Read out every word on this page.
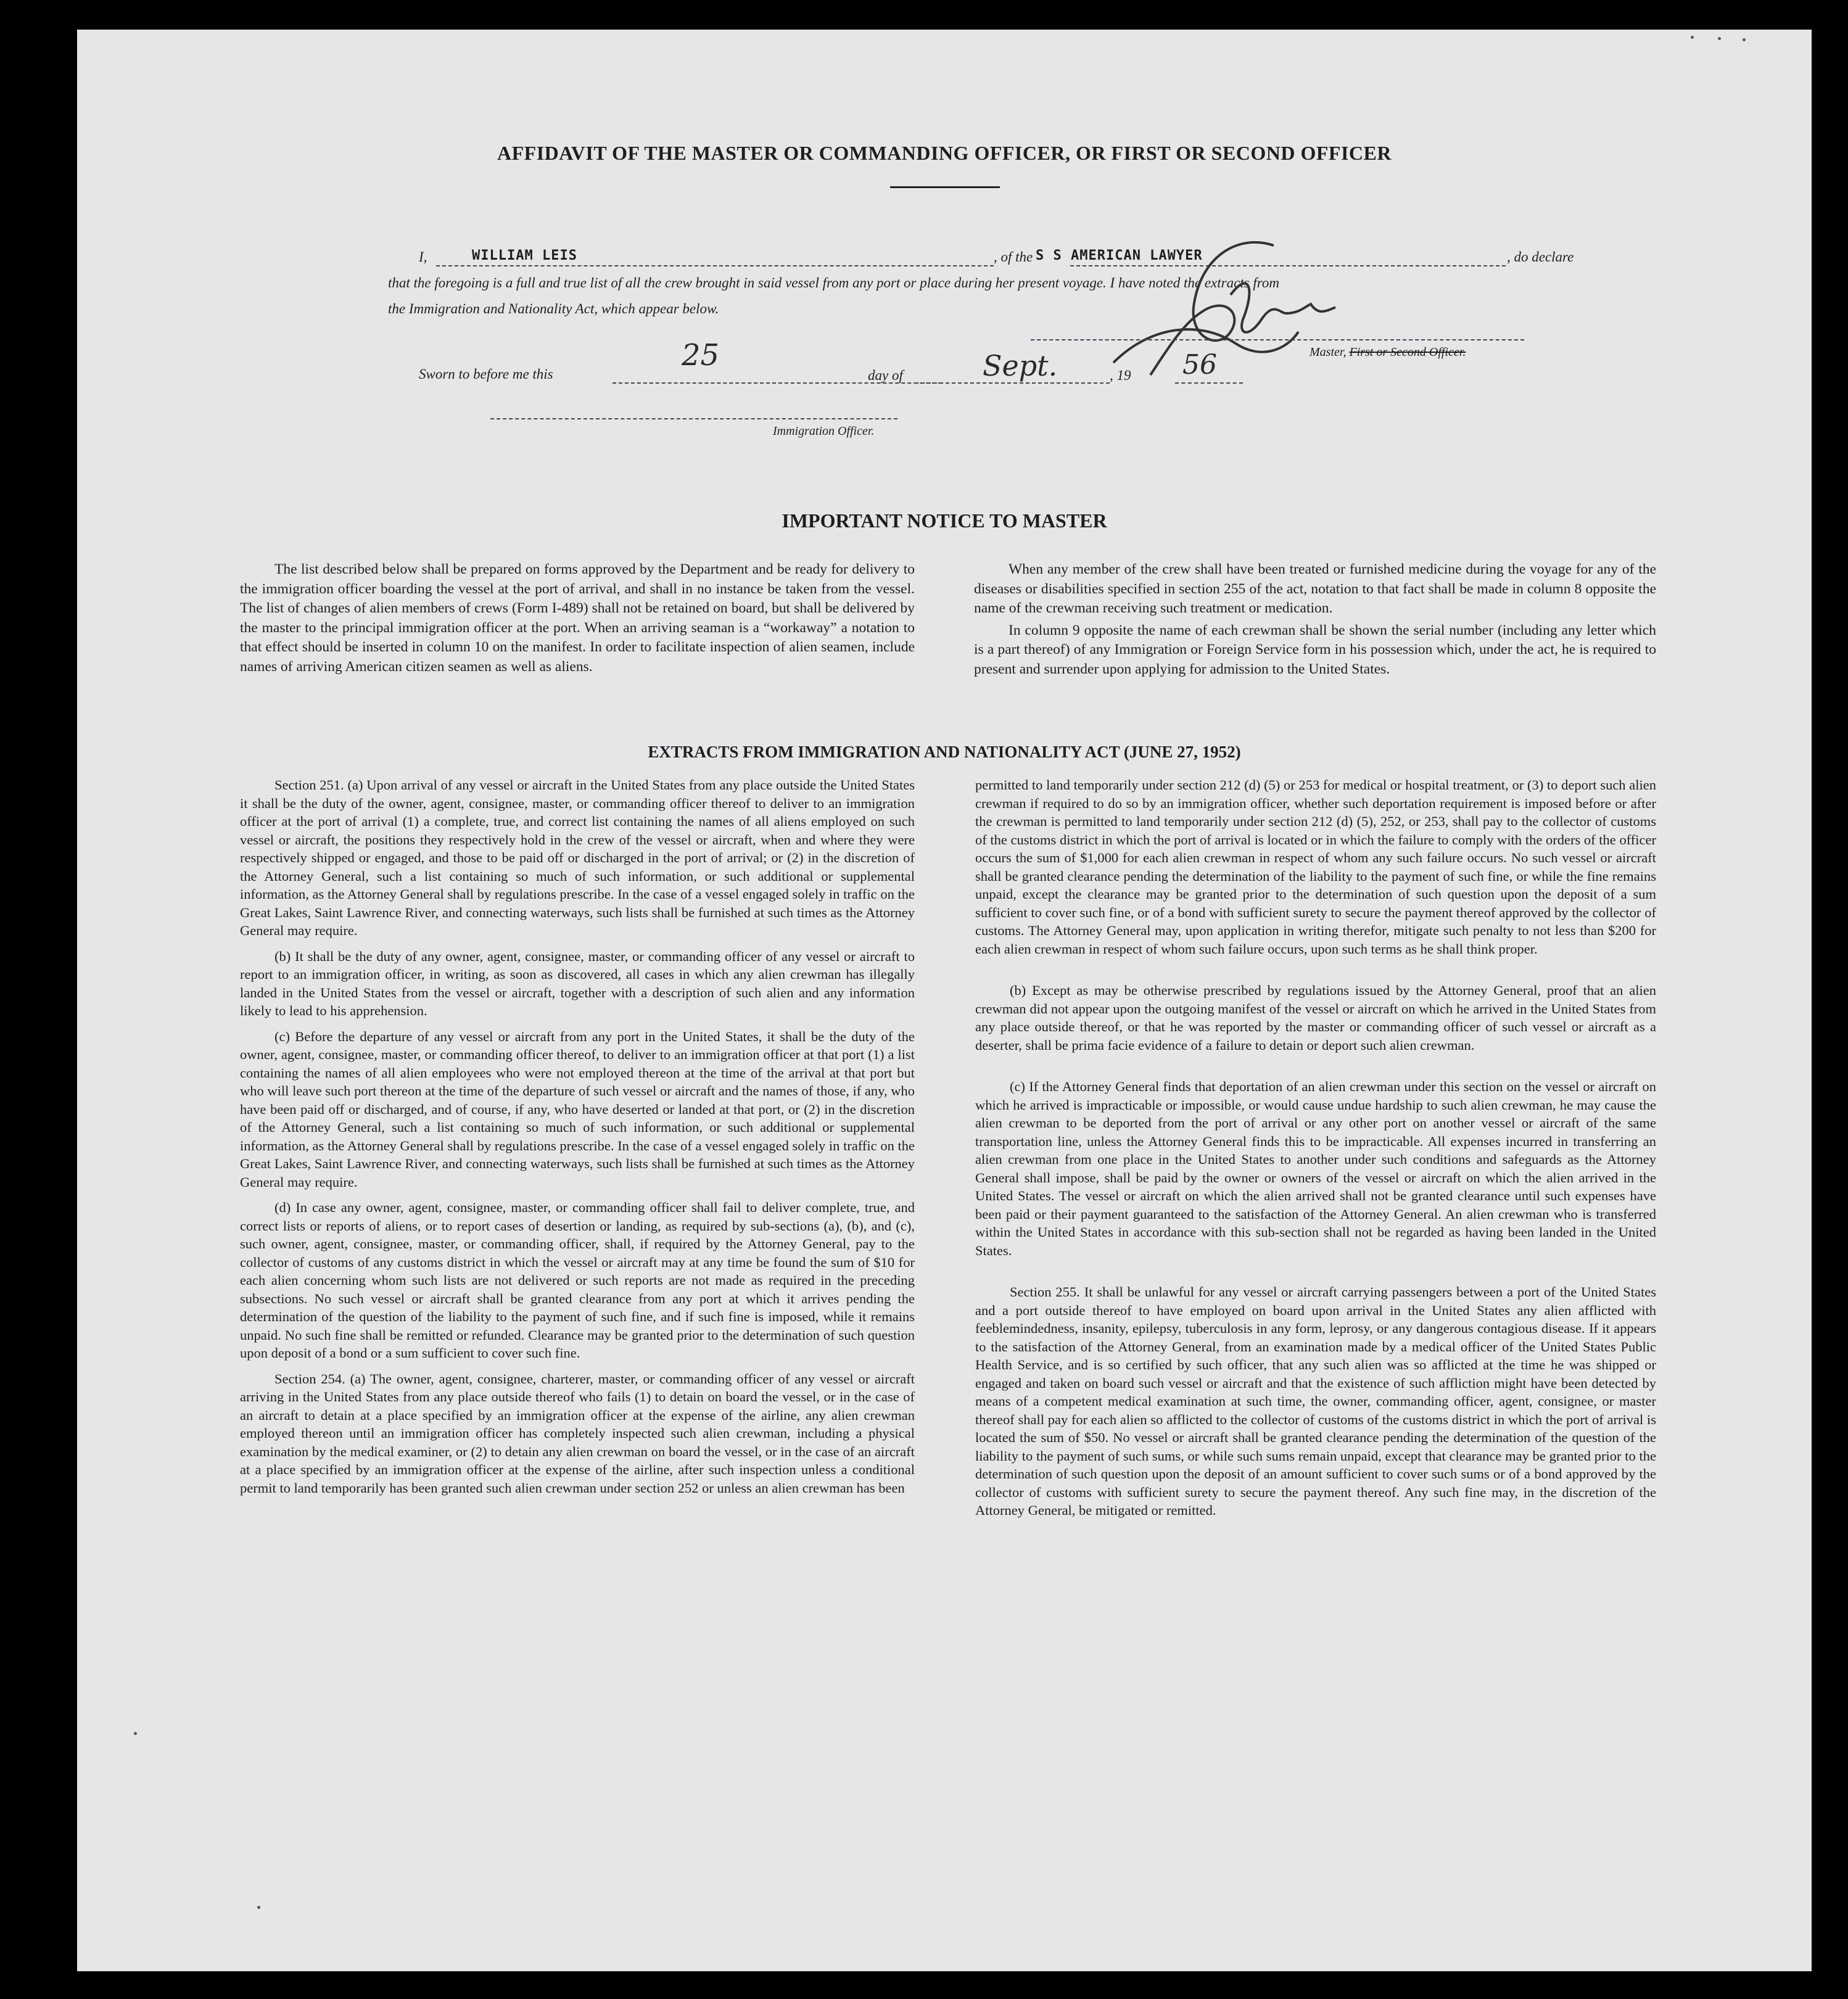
AFFIDAVIT OF THE MASTER OR COMMANDING OFFICER, OR FIRST OR SECOND OFFICER
I,	WILLIAM LEIS	, of the S S AMERICAN LAWYER	, do declare
that the foregoing is a full and true list of all the crew brought in said vessel from any port or place during her present voyage. I have noted the extracts from
the Immigration and Nationality Act, which appear below.
Master, First or Second Officer.
Sworn to before me this
25
day of	Sept.	, 19 56
Immigration Officer.
IMPORTANT NOTICE TO MASTER

The list described below shall be prepared on forms approved by the Department and be ready for delivery to the immigration officer boarding the vessel at the port of arrival, and shall in no instance be taken from the vessel. The list of changes of alien members of crews (Form I-489) shall not be retained on board, but shall be delivered by the master to the principal immigration officer at the port. When an arriving seaman is a “workaway” a notation to that effect should be inserted in column 10 on the manifest. In order to facilitate inspection of alien seamen, include names of arriving American citizen seamen as well as aliens.

When any member of the crew shall have been treated or furnished medicine during the voyage for any of the diseases or disabilities specified in section 255 of the act, notation to that fact shall be made in column 8 opposite the name of the crewman receiving such treatment or medication.

In column 9 opposite the name of each crewman shall be shown the serial number (including any letter which is a part thereof) of any Immigration or Foreign Service form in his possession which, under the act, he is required to present and surrender upon applying for admission to the United States.

EXTRACTS FROM IMMIGRATION AND NATIONALITY ACT (JUNE 27, 1952)

Section 251. (a) Upon arrival of any vessel or aircraft in the United States from any place outside the United States it shall be the duty of the owner, agent, consignee, master, or commanding officer thereof to deliver to an immigration officer at the port of arrival (1) a complete, true, and correct list containing the names of all aliens employed on such vessel or aircraft, the positions they respectively hold in the crew of the vessel or aircraft, when and where they were respectively shipped or engaged, and those to be paid off or discharged in the port of arrival; or (2) in the discretion of the Attorney General, such a list containing so much of such information, or such additional or supplemental information, as the Attorney General shall by regulations prescribe. In the case of a vessel engaged solely in traffic on the Great Lakes, Saint Lawrence River, and connecting waterways, such lists shall be furnished at such times as the Attorney General may require.

(b) It shall be the duty of any owner, agent, consignee, master, or commanding officer of any vessel or aircraft to report to an immigration officer, in writing, as soon as discovered, all cases in which any alien crewman has illegally landed in the United States from the vessel or aircraft, together with a description of such alien and any information likely to lead to his apprehension.

(c) Before the departure of any vessel or aircraft from any port in the United States, it shall be the duty of the owner, agent, consignee, master, or commanding officer thereof, to deliver to an immigration officer at that port (1) a list containing the names of all alien employees who were not employed thereon at the time of the arrival at that port but who will leave such port thereon at the time of the departure of such vessel or aircraft and the names of those, if any, who have been paid off or discharged, and of course, if any, who have deserted or landed at that port, or (2) in the discretion of the Attorney General, such a list containing so much of such information, or such additional or supplemental information, as the Attorney General shall by regulations prescribe. In the case of a vessel engaged solely in traffic on the Great Lakes, Saint Lawrence River, and connecting waterways, such lists shall be furnished at such times as the Attorney General may require.

(d) In case any owner, agent, consignee, master, or commanding officer shall fail to deliver complete, true, and correct lists or reports of aliens, or to report cases of desertion or landing, as required by sub-sections (a), (b), and (c), such owner, agent, consignee, master, or commanding officer, shall, if required by the Attorney General, pay to the collector of customs of any customs district in which the vessel or aircraft may at any time be found the sum of $10 for each alien concerning whom such lists are not delivered or such reports are not made as required in the preceding subsections. No such vessel or aircraft shall be granted clearance from any port at which it arrives pending the determination of the question of the liability to the payment of such fine, and if such fine is imposed, while it remains unpaid. No such fine shall be remitted or refunded. Clearance may be granted prior to the determination of such question upon deposit of a bond or a sum sufficient to cover such fine.

Section 254. (a) The owner, agent, consignee, charterer, master, or commanding officer of any vessel or aircraft arriving in the United States from any place outside thereof who fails (1) to detain on board the vessel, or in the case of an aircraft to detain at a place specified by an immigration officer at the expense of the airline, any alien crewman employed thereon until an immigration officer has completely inspected such alien crewman, including a physical examination by the medical examiner, or (2) to detain any alien crewman on board the vessel, or in the case of an aircraft at a place specified by an immigration officer at the expense of the airline, after such inspection unless a conditional permit to land temporarily has been granted such alien crewman under section 252 or unless an alien crewman has been

permitted to land temporarily under section 212 (d) (5) or 253 for medical or hospital treatment, or (3) to deport such alien crewman if required to do so by an immigration officer, whether such deportation requirement is imposed before or after the crewman is permitted to land temporarily under section 212 (d) (5), 252, or 253, shall pay to the collector of customs of the customs district in which the port of arrival is located or in which the failure to comply with the orders of the officer occurs the sum of $1,000 for each alien crewman in respect of whom any such failure occurs. No such vessel or aircraft shall be granted clearance pending the determination of the liability to the payment of such fine, or while the fine remains unpaid, except the clearance may be granted prior to the determination of such question upon the deposit of a sum sufficient to cover such fine, or of a bond with sufficient surety to secure the payment thereof approved by the collector of customs. The Attorney General may, upon application in writing therefor, mitigate such penalty to not less than $200 for each alien crewman in respect of whom such failure occurs, upon such terms as he shall think proper.

(b) Except as may be otherwise prescribed by regulations issued by the Attorney General, proof that an alien crewman did not appear upon the outgoing manifest of the vessel or aircraft on which he arrived in the United States from any place outside thereof, or that he was reported by the master or commanding officer of such vessel or aircraft as a deserter, shall be prima facie evidence of a failure to detain or deport such alien crewman.

(c) If the Attorney General finds that deportation of an alien crewman under this section on the vessel or aircraft on which he arrived is impracticable or impossible, or would cause undue hardship to such alien crewman, he may cause the alien crewman to be deported from the port of arrival or any other port on another vessel or aircraft of the same transportation line, unless the Attorney General finds this to be impracticable. All expenses incurred in transferring an alien crewman from one place in the United States to another under such conditions and safeguards as the Attorney General shall impose, shall be paid by the owner or owners of the vessel or aircraft on which the alien arrived in the United States. The vessel or aircraft on which the alien arrived shall not be granted clearance until such expenses have been paid or their payment guaranteed to the satisfaction of the Attorney General. An alien crewman who is transferred within the United States in accordance with this sub-section shall not be regarded as having been landed in the United States.

Section 255. It shall be unlawful for any vessel or aircraft carrying passengers between a port of the United States and a port outside thereof to have employed on board upon arrival in the United States any alien afflicted with feeblemindedness, insanity, epilepsy, tuberculosis in any form, leprosy, or any dangerous contagious disease. If it appears to the satisfaction of the Attorney General, from an examination made by a medical officer of the United States Public Health Service, and is so certified by such officer, that any such alien was so afflicted at the time he was shipped or engaged and taken on board such vessel or aircraft and that the existence of such affliction might have been detected by means of a competent medical examination at such time, the owner, commanding officer, agent, consignee, or master thereof shall pay for each alien so afflicted to the collector of customs of the customs district in which the port of arrival is located the sum of $50. No vessel or aircraft shall be granted clearance pending the determination of the question of the liability to the payment of such sums, or while such sums remain unpaid, except that clearance may be granted prior to the determination of such question upon the deposit of an amount sufficient to cover such sums or of a bond approved by the collector of customs with sufficient surety to secure the payment thereof. Any such fine may, in the discretion of the Attorney General, be mitigated or remitted.
